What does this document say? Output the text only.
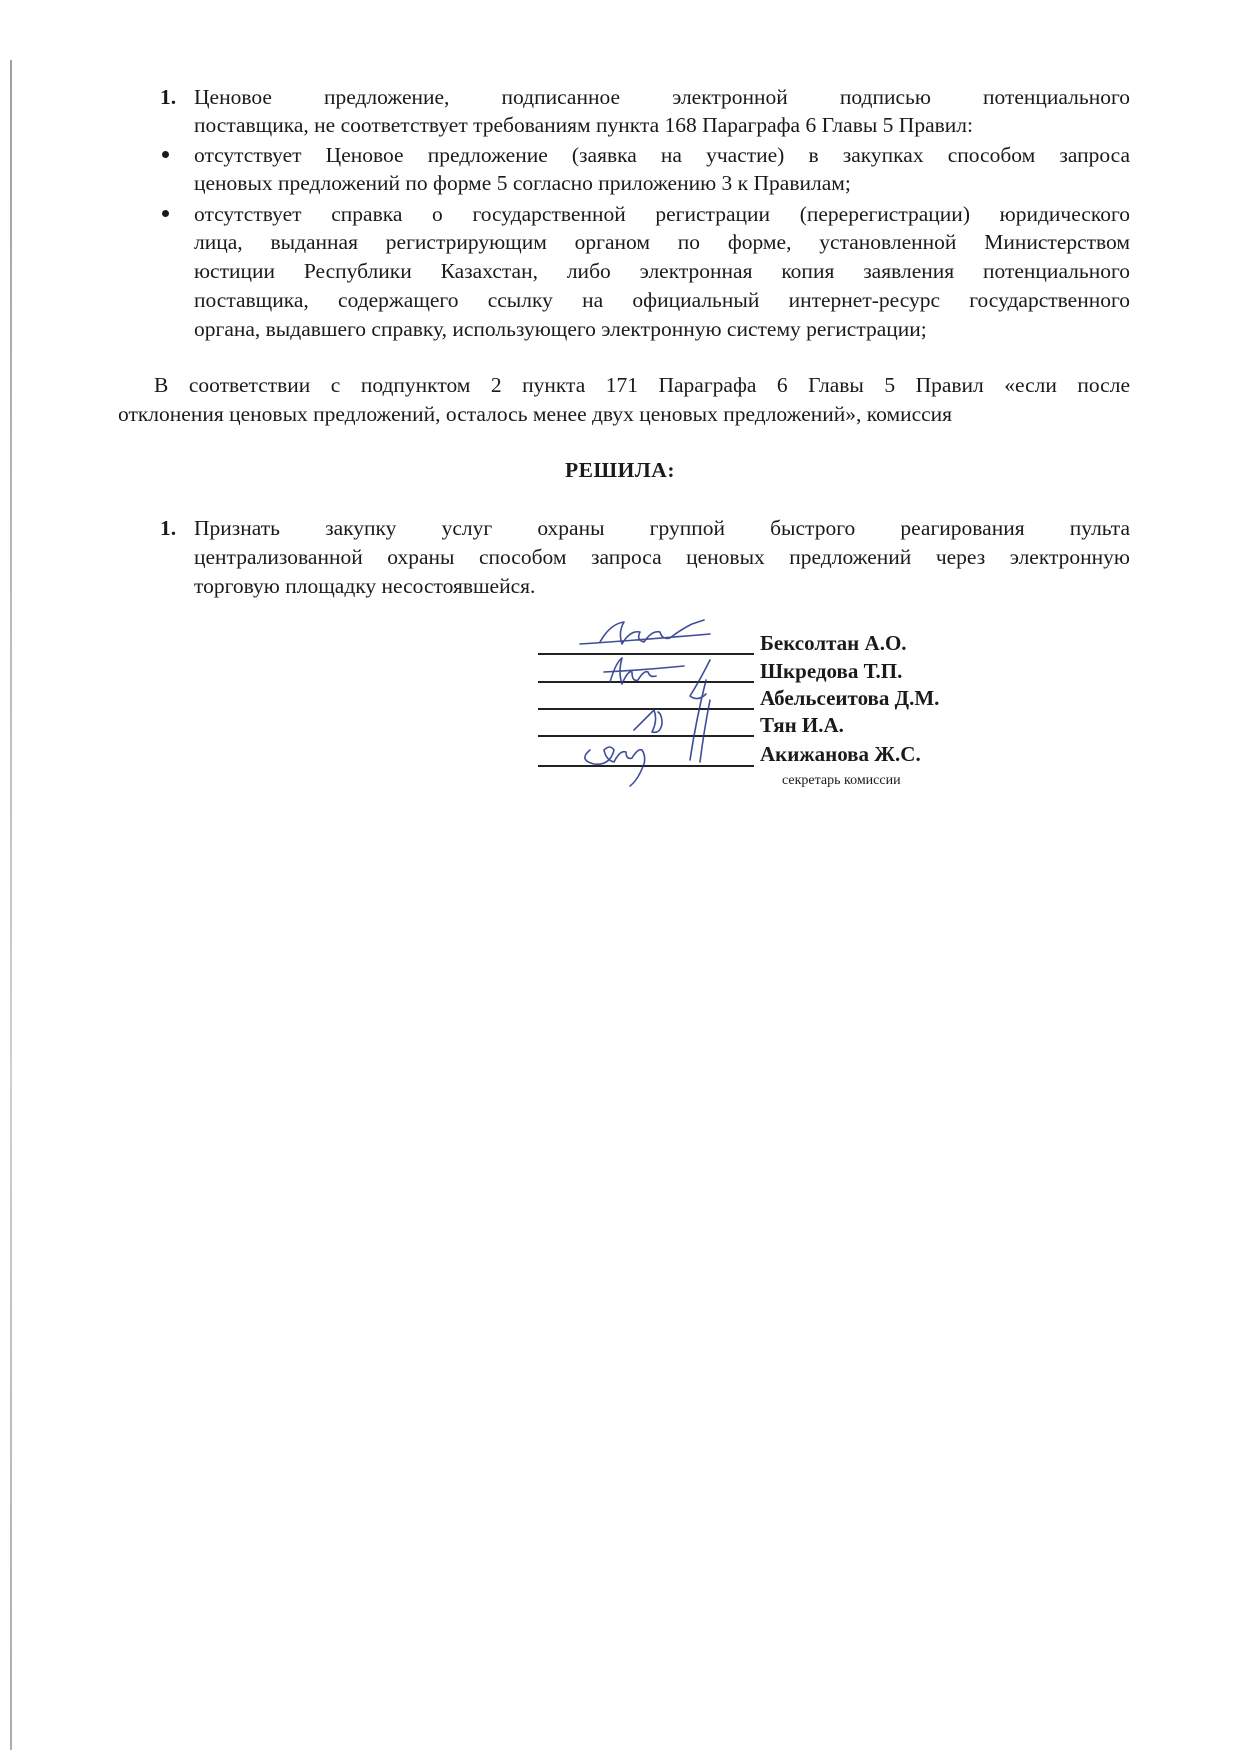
1. Ценовое предложение, подписанное электронной подписью потенциального
поставщика, не соответствует требованиям пункта 168 Параграфа 6 Главы 5 Правил:
отсутствует Ценовое предложение (заявка на участие) в закупках способом запроса
ценовых предложений по форме 5 согласно приложению 3 к Правилам;
отсутствует справка о государственной регистрации (перерегистрации) юридического
лица, выданная регистрирующим органом по форме, установленной Министерством
юстиции Республики Казахстан, либо электронная копия заявления потенциального
поставщика, содержащего ссылку на официальный интернет-ресурс государственного
органа, выдавшего справку, использующего электронную систему регистрации;
В соответствии с подпунктом 2 пункта 171 Параграфа 6 Главы 5 Правил «если после
отклонения ценовых предложений, осталось менее двух ценовых предложений», комиссия
РЕШИЛА:
1. Признать закупку услуг охраны группой быстрого реагирования пульта
централизованной охраны способом запроса ценовых предложений через электронную
торговую площадку несостоявшейся.
Бексолтан А.О.
Шкредова Т.П.
Абельсеитова Д.М.
Тян И.А.
Акижанова Ж.С.
секретарь комиссии
